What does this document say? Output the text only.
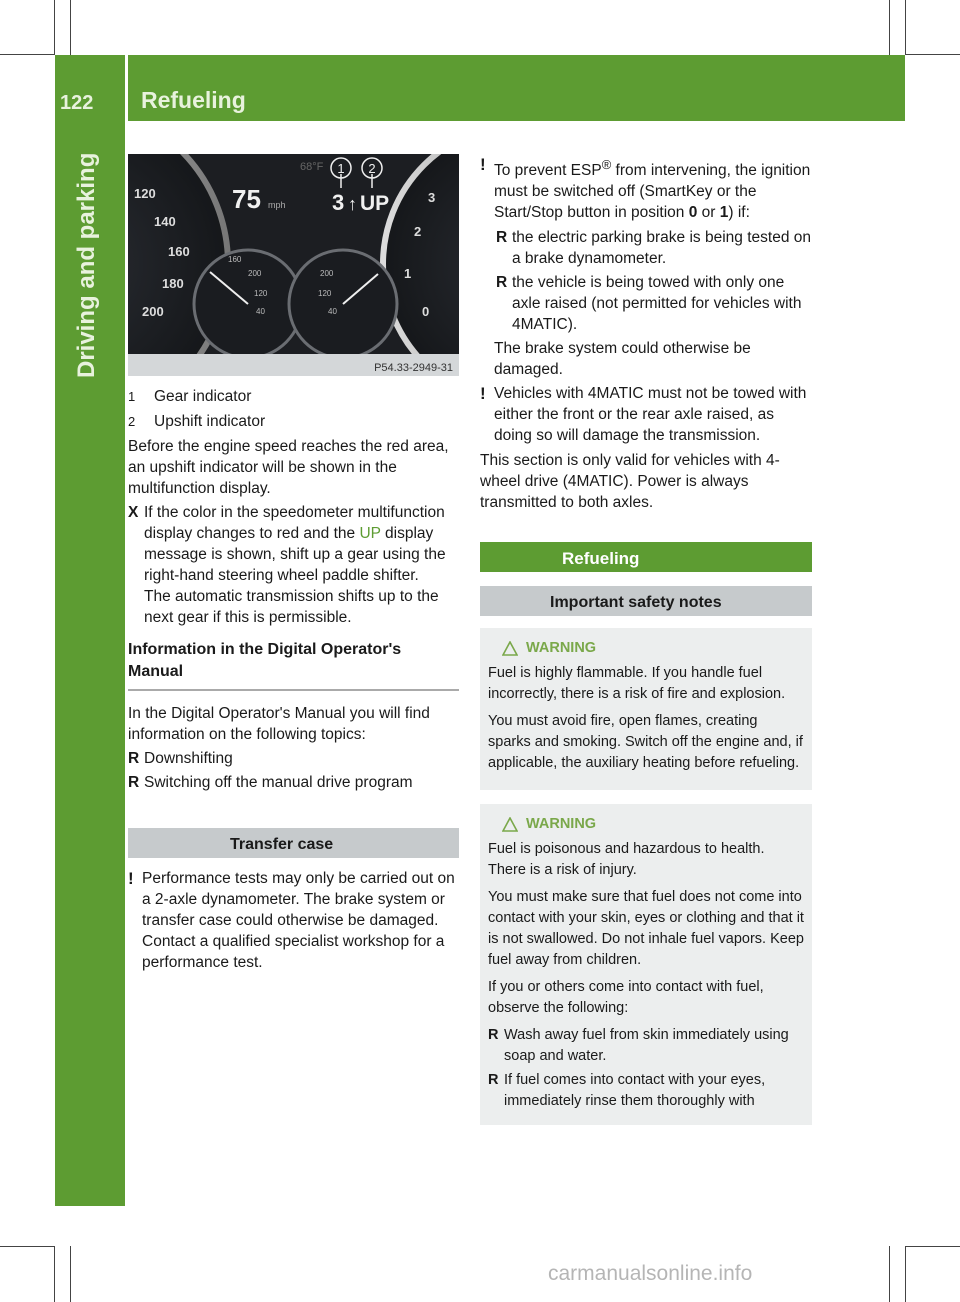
122	Refueling
Driving and parking	1 2
68°F
75 mph 3 ↑ UP
120
140
160
180
200
160
200
120
40
200
120
40
3
2
1
0
P54.33-2949-31
1	Gear indicator
2	Upshift indicator

Before the engine speed reaches the red area, an upshift indicator will be shown in the multifunction display.

X If the color in the speedometer multifunction display changes to red and the UP display message is shown, shift up a gear using the right-hand steering wheel paddle shifter.
The automatic transmission shifts up to the next gear if this is permissible.
Information in the Digital Operator's Manual

In the Digital Operator's Manual you will find information on the following topics:

R Downshifting
R Switching off the manual drive program
Transfer case
! Performance tests may only be carried out on a 2-axle dynamometer. The brake system or transfer case could otherwise be damaged. Contact a qualified specialist workshop for a performance test.
! To prevent ESP® from intervening, the ignition must be switched off (SmartKey or the Start/Stop button in position 0 or 1) if:
R the electric parking brake is being tested on a brake dynamometer.
R the vehicle is being towed with only one axle raised (not permitted for vehicles with 4MATIC).

The brake system could otherwise be damaged.

! Vehicles with 4MATIC must not be towed with either the front or the rear axle raised, as doing so will damage the transmission.

This section is only valid for vehicles with 4-wheel drive (4MATIC). Power is always transmitted to both axles.

Refueling
Important safety notes
WARNING

Fuel is highly flammable. If you handle fuel incorrectly, there is a risk of fire and explosion.

You must avoid fire, open flames, creating sparks and smoking. Switch off the engine and, if applicable, the auxiliary heating before refueling.

WARNING

Fuel is poisonous and hazardous to health. There is a risk of injury.

You must make sure that fuel does not come into contact with your skin, eyes or clothing and that it is not swallowed. Do not inhale fuel vapors. Keep fuel away from children.

If you or others come into contact with fuel, observe the following:

R Wash away fuel from skin immediately using soap and water.
R If fuel comes into contact with your eyes, immediately rinse them thoroughly with
carmanualsonline.info
